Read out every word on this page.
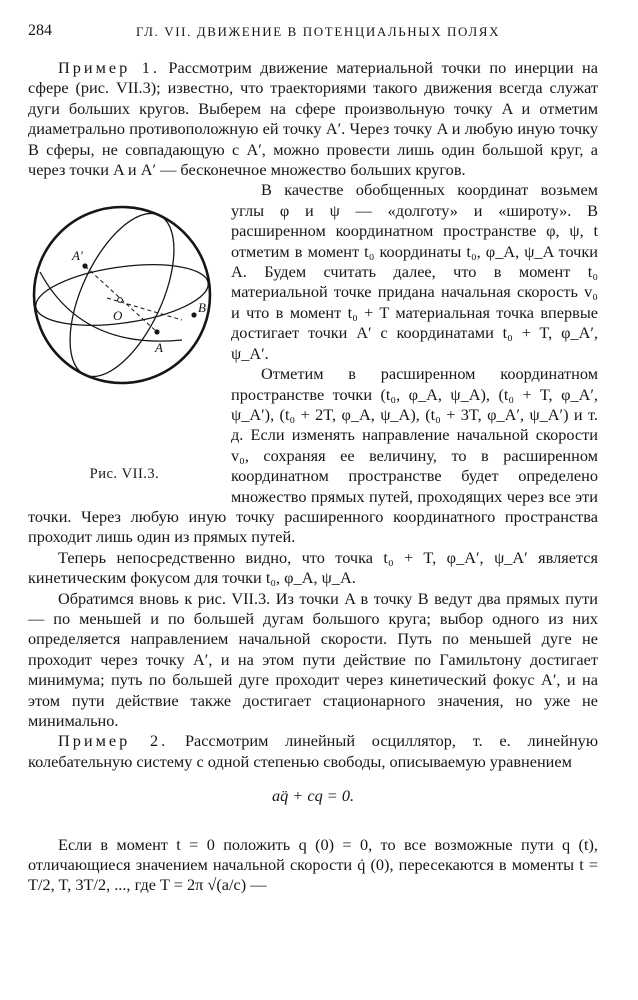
284	ГЛ. VII. ДВИЖЕНИЕ В ПОТЕНЦИАЛЬНЫХ ПОЛЯХ

Пример 1. Рассмотрим движение материальной точки по инерции на сфере (рис. VII.3); известно, что траекториями такого движения всегда служат дуги больших кругов. Выберем на сфере произвольную точку A и отметим диаметрально противоположную ей точку A′. Через точку A и любую иную точку B сферы, не совпадающую с A′, можно провести лишь один большой круг, а через точки A и A′ — бесконечное множество больших кругов.

A′
O
B
A
Рис. VII.3.

В качестве обобщенных координат возьмем углы φ и ψ — «долготу» и «широту». В расширенном координатном пространстве φ, ψ, t отметим в момент t₀ координаты t₀, φ_A, ψ_A точки A. Будем считать далее, что в момент t₀ материальной точке придана начальная скорость v₀ и что в момент t₀ + T материальная точка впервые достигает точки A′ с координатами t₀ + T, φ_A′, ψ_A′.

Отметим в расширенном координатном пространстве точки (t₀, φ_A, ψ_A), (t₀ + T, φ_A′, ψ_A′), (t₀ + 2T, φ_A, ψ_A), (t₀ + 3T, φ_A′, ψ_A′) и т. д. Если изменять направление начальной скорости v₀, сохраняя ее величину, то в расширенном координатном пространстве будет определено множество прямых путей, проходящих через все эти точки. Через любую иную точку расширенного координатного пространства проходит лишь один из прямых путей.

Теперь непосредственно видно, что точка t₀ + T, φ_A′, ψ_A′ является кинетическим фокусом для точки t₀, φ_A, ψ_A.

Обратимся вновь к рис. VII.3. Из точки A в точку B ведут два прямых пути — по меньшей и по большей дугам большого круга; выбор одного из них определяется направлением начальной скорости. Путь по меньшей дуге не проходит через точку A′, и на этом пути действие по Гамильтону достигает минимума; путь по большей дуге проходит через кинетический фокус A′, и на этом пути действие также достигает стационарного значения, но уже не минимально.

Пример 2. Рассмотрим линейный осциллятор, т. е. линейную колебательную систему с одной степенью свободы, описываемую уравнением

aq̈ + cq = 0.

Если в момент t = 0 положить q (0) = 0, то все возможные пути q (t), отличающиеся значением начальной скорости q̇ (0), пересекаются в моменты t = T/2, T, 3T/2, ..., где T = 2π √(a/c) —
